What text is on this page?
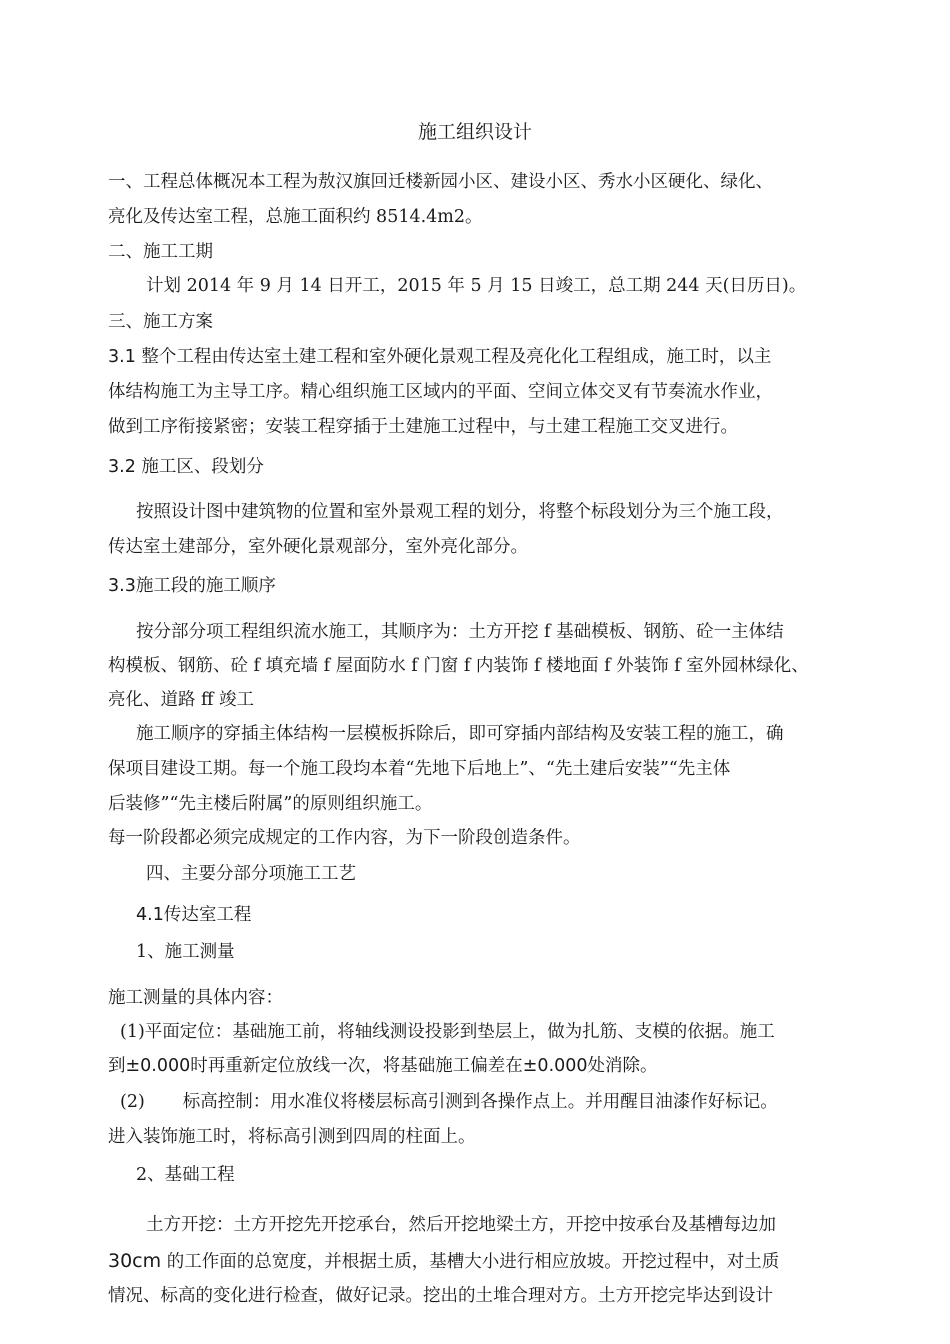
施工组织设计

一、工程总体概况本工程为敖汉旗回迁楼新园小区、建设小区、秀水小区硬化、绿化、

亮化及传达室工程，总施工面积约 8514.4m2。

二、施工工期

计划 2014 年 9 月 14 日开工，2015 年 5 月 15 日竣工，总工期 244 天(日历日)。

三、施工方案

3.1 整个工程由传达室土建工程和室外硬化景观工程及亮化化工程组成，施工时，以主

体结构施工为主导工序。精心组织施工区域内的平面、空间立体交叉有节奏流水作业，

做到工序衔接紧密；安装工程穿插于土建施工过程中，与土建工程施工交叉进行。

3.2 施工区、段划分

按照设计图中建筑物的位置和室外景观工程的划分，将整个标段划分为三个施工段，

传达室土建部分，室外硬化景观部分，室外亮化部分。

3.3施工段的施工顺序

按分部分项工程组织流水施工，其顺序为：土方开挖 f 基础模板、钢筋、砼一主体结

构模板、钢筋、砼 f 填充墙 f 屋面防水 f 门窗 f 内装饰 f 楼地面 f 外装饰 f 室外园林绿化、

亮化、道路 ff 竣工

施工顺序的穿插主体结构一层模板拆除后，即可穿插内部结构及安装工程的施工，确

保项目建设工期。每一个施工段均本着“先地下后地上”、“先土建后安装”“先主体

后装修”“先主楼后附属”的原则组织施工。

每一阶段都必须完成规定的工作内容，为下一阶段创造条件。

四、主要分部分项施工工艺

4.1传达室工程

1、施工测量

施工测量的具体内容：

(1)平面定位：基础施工前，将轴线测设投影到垫层上，做为扎筋、支模的依据。施工

到±0.000时再重新定位放线一次，将基础施工偏差在±0.000处消除。

(2) 标高控制：用水准仪将楼层标高引测到各操作点上。并用醒目油漆作好标记。

进入装饰施工时，将标高引测到四周的柱面上。

2、基础工程

土方开挖：土方开挖先开挖承台，然后开挖地梁土方，开挖中按承台及基槽每边加

30cm 的工作面的总宽度，并根据土质，基槽大小进行相应放坡。开挖过程中，对土质

情况、标高的变化进行检查，做好记录。挖出的土堆合理对方。土方开挖完毕达到设计
